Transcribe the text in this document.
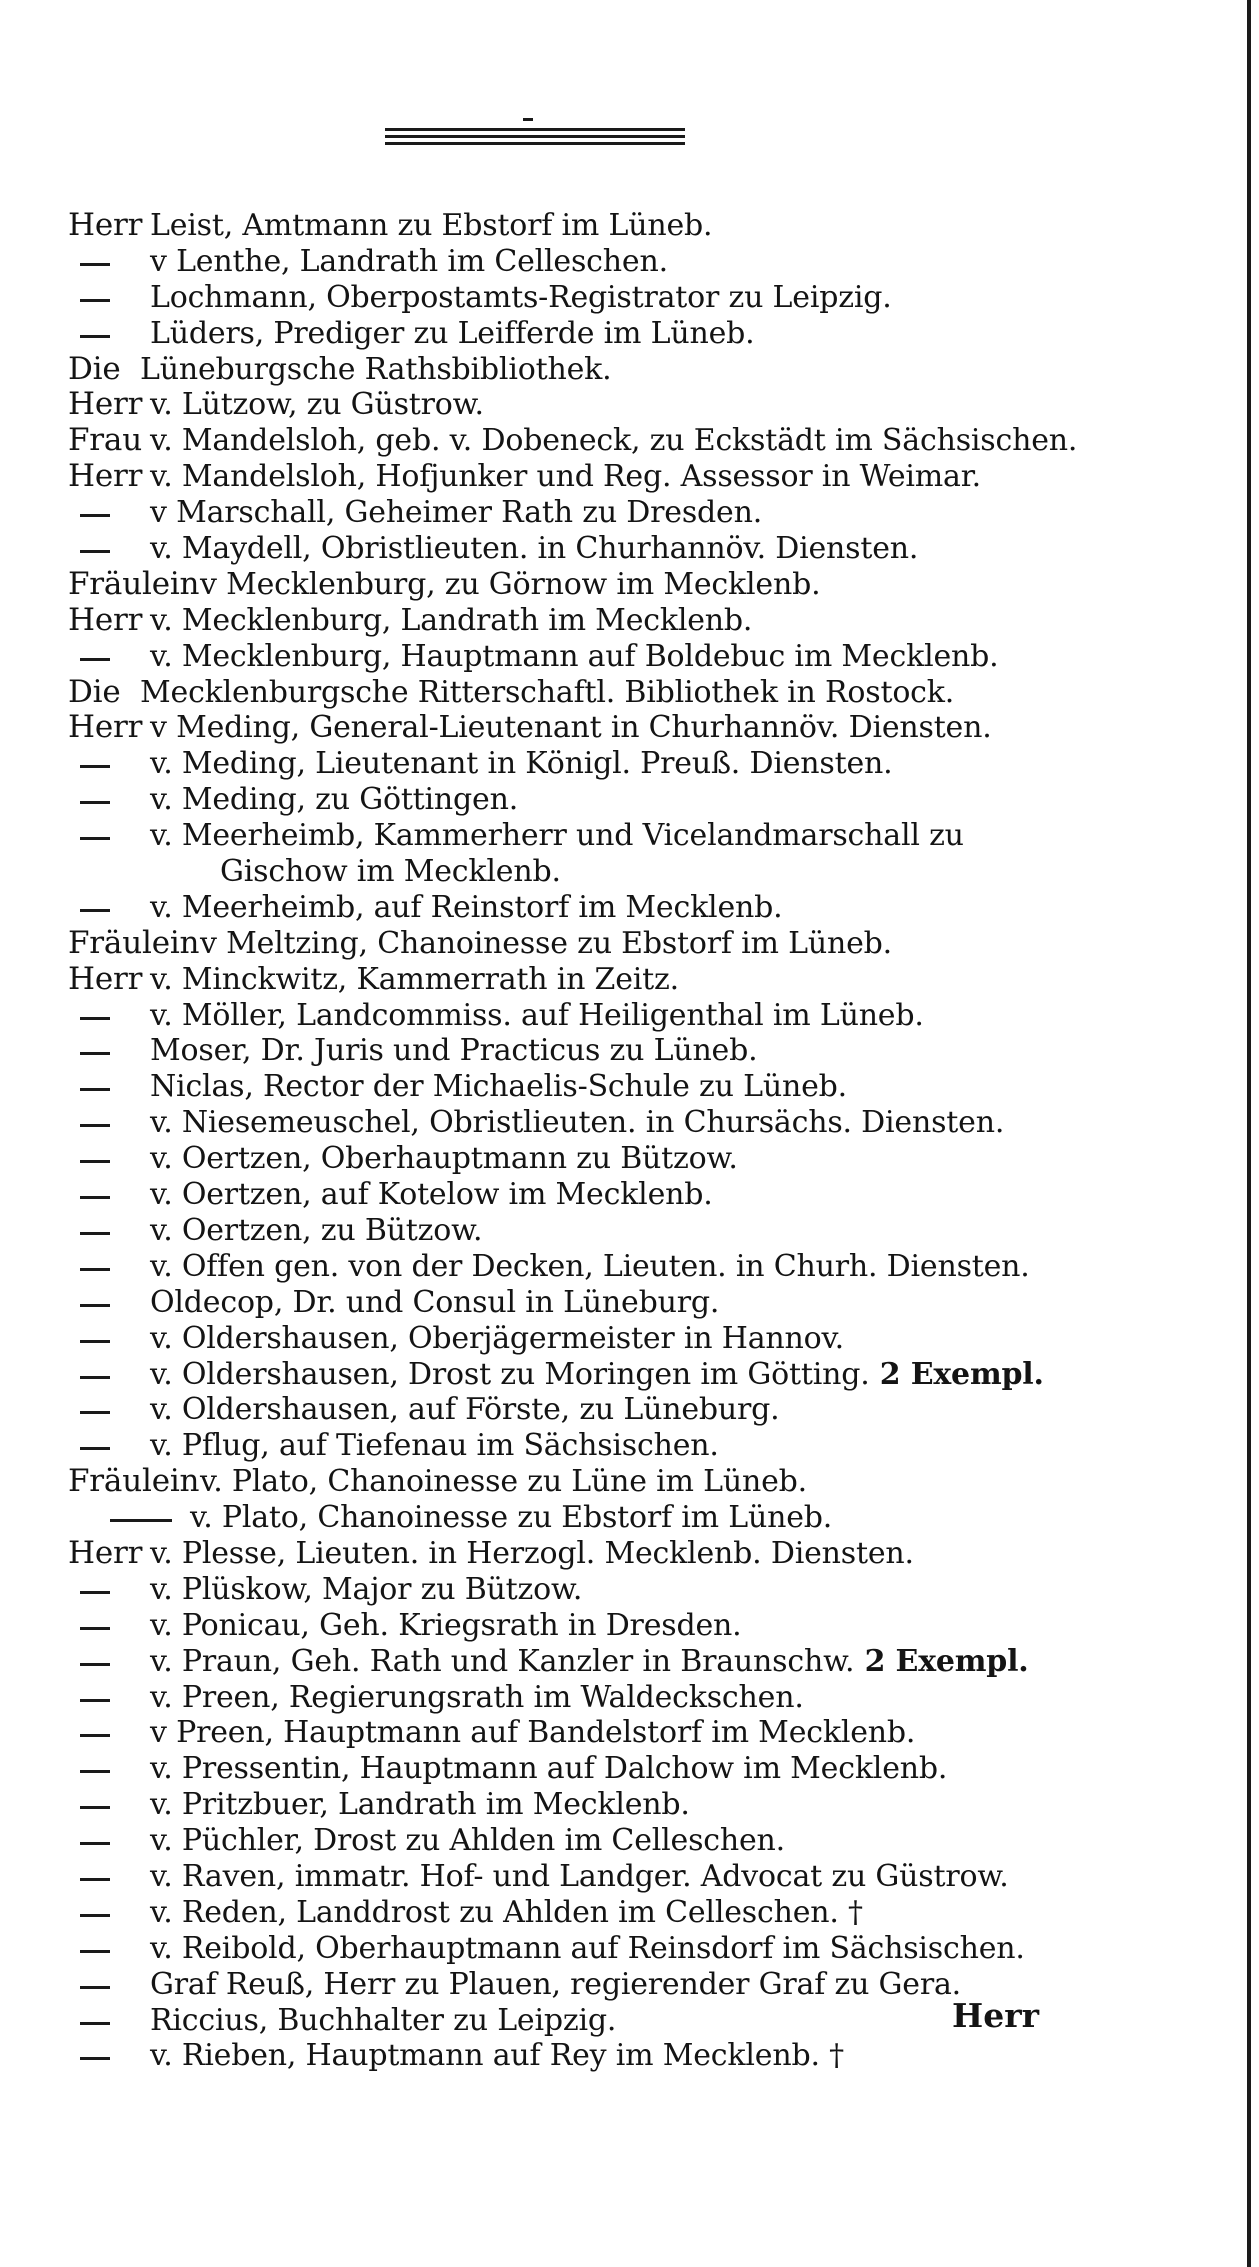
Herr Leist, Amtmann zu Ebstorf im Lüneb.
v Lenthe, Landrath im Celleschen.
Lochmann, Oberpostamts-Registrator zu Leipzig.
Lüders, Prediger zu Leifferde im Lüneb.
Die Lüneburgsche Rathsbibliothek.
Herr v. Lützow, zu Güstrow.
Frau v. Mandelsloh, geb. v. Dobeneck, zu Eckstädt im Sächsischen.
Herr v. Mandelsloh, Hofjunker und Reg. Assessor in Weimar.
v Marschall, Geheimer Rath zu Dresden.
v. Maydell, Obristlieuten. in Churhannöv. Diensten.
Fräulein v Mecklenburg, zu Görnow im Mecklenb.
Herr v. Mecklenburg, Landrath im Mecklenb.
v. Mecklenburg, Hauptmann auf Boldebuc im Mecklenb.
Die Mecklenburgsche Ritterschaftl. Bibliothek in Rostock.
Herr v Meding, General-Lieutenant in Churhannöv. Diensten.
v. Meding, Lieutenant in Königl. Preuß. Diensten.
v. Meding, zu Göttingen.
v. Meerheimb, Kammerherr und Vicelandmarschall zu
Gischow im Mecklenb.
v. Meerheimb, auf Reinstorf im Mecklenb.
Fräulein v Meltzing, Chanoinesse zu Ebstorf im Lüneb.
Herr v. Minckwitz, Kammerrath in Zeitz.
v. Möller, Landcommiss. auf Heiligenthal im Lüneb.
Moser, Dr. Juris und Practicus zu Lüneb.
Niclas, Rector der Michaelis-Schule zu Lüneb.
v. Niesemeuschel, Obristlieuten. in Chursächs. Diensten.
v. Oertzen, Oberhauptmann zu Bützow.
v. Oertzen, auf Kotelow im Mecklenb.
v. Oertzen, zu Bützow.
v. Offen gen. von der Decken, Lieuten. in Churh. Diensten.
Oldecop, Dr. und Consul in Lüneburg.
v. Oldershausen, Oberjägermeister in Hannov.
v. Oldershausen, Drost zu Moringen im Götting. 2 Exempl.
v. Oldershausen, auf Förste, zu Lüneburg.
v. Pflug, auf Tiefenau im Sächsischen.
Fräulein v. Plato, Chanoinesse zu Lüne im Lüneb.
v. Plato, Chanoinesse zu Ebstorf im Lüneb.
Herr v. Plesse, Lieuten. in Herzogl. Mecklenb. Diensten.
v. Plüskow, Major zu Bützow.
v. Ponicau, Geh. Kriegsrath in Dresden.
v. Praun, Geh. Rath und Kanzler in Braunschw. 2 Exempl.
v. Preen, Regierungsrath im Waldeckschen.
v Preen, Hauptmann auf Bandelstorf im Mecklenb.
v. Pressentin, Hauptmann auf Dalchow im Mecklenb.
v. Pritzbuer, Landrath im Mecklenb.
v. Püchler, Drost zu Ahlden im Celleschen.
v. Raven, immatr. Hof- und Landger. Advocat zu Güstrow.
v. Reden, Landdrost zu Ahlden im Celleschen. †
v. Reibold, Oberhauptmann auf Reinsdorf im Sächsischen.
Graf Reuß, Herr zu Plauen, regierender Graf zu Gera.
Riccius, Buchhalter zu Leipzig.
v. Rieben, Hauptmann auf Rey im Mecklenb. †
Herr
